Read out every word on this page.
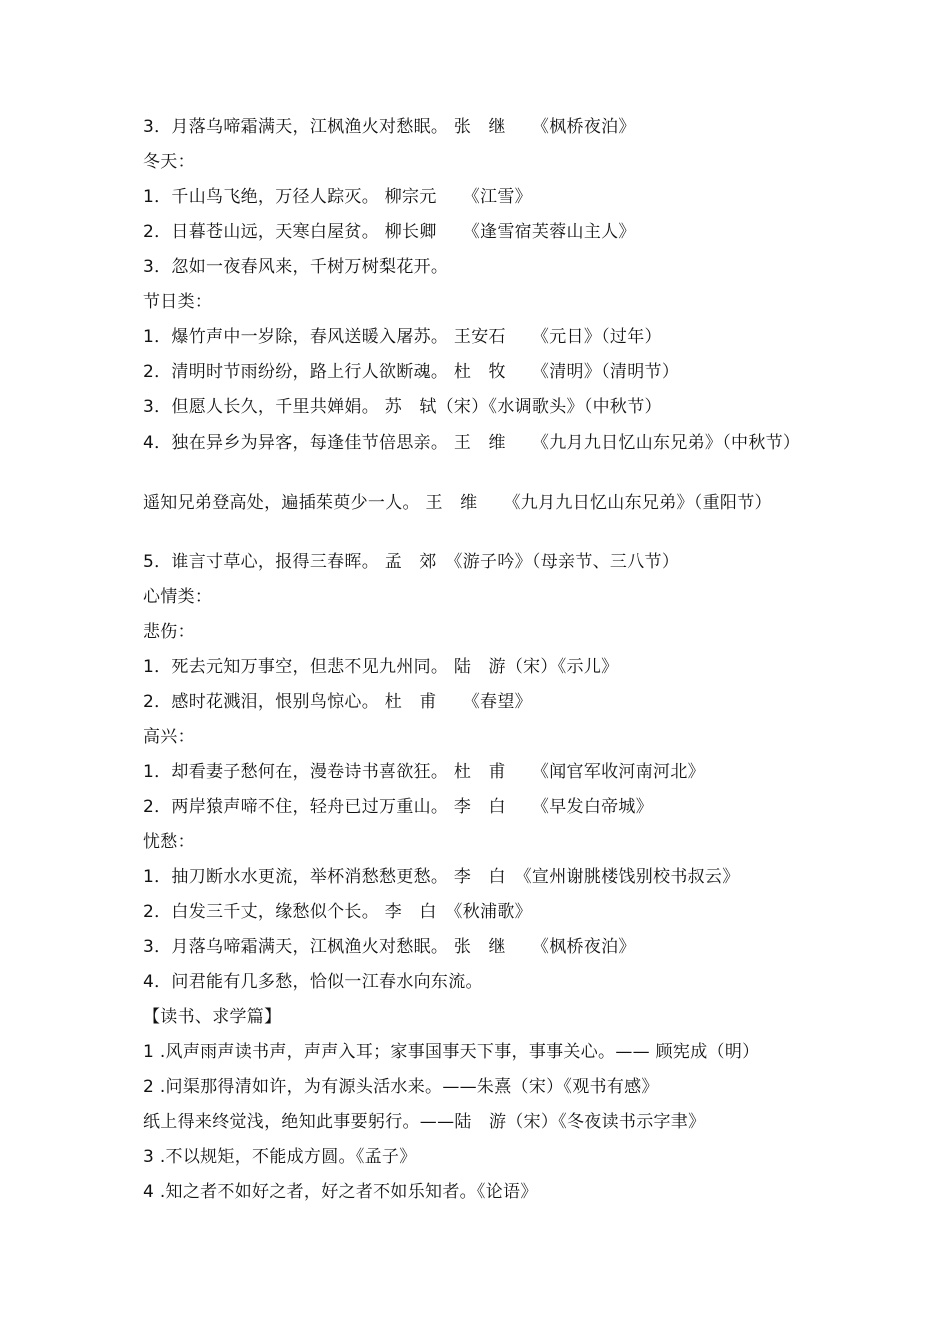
3．月落乌啼霜满天，江枫渔火对愁眠。 张　继　　《枫桥夜泊》
冬天：
1．千山鸟飞绝，万径人踪灭。 柳宗元　　《江雪》
2．日暮苍山远，天寒白屋贫。 柳长卿　　《逢雪宿芙蓉山主人》
3．忽如一夜春风来，千树万树梨花开。
节日类：
1．爆竹声中一岁除，春风送暖入屠苏。 王安石　　《元日》（过年）
2．清明时节雨纷纷，路上行人欲断魂。 杜　牧　　《清明》（清明节）
3．但愿人长久，千里共婵娟。 苏　轼（宋）《水调歌头》（中秋节）
4．独在异乡为异客，每逢佳节倍思亲。 王　维　　《九月九日忆山东兄弟》（中秋节）
遥知兄弟登高处，遍插茱萸少一人。 王　维　　《九月九日忆山东兄弟》（重阳节）
5．谁言寸草心，报得三春晖。 孟　郊　《游子吟》（母亲节、三八节）
心情类：
悲伤：
1．死去元知万事空，但悲不见九州同。 陆　游（宋）《示儿》
2．感时花溅泪，恨别鸟惊心。 杜　甫　　《春望》
高兴：
1．却看妻子愁何在，漫卷诗书喜欲狂。 杜　甫　　《闻官军收河南河北》
2．两岸猿声啼不住，轻舟已过万重山。 李　白　　《早发白帝城》
忧愁：
1．抽刀断水水更流，举杯消愁愁更愁。 李　白　《宣州谢朓楼饯别校书叔云》
2．白发三千丈，缘愁似个长。 李　白　《秋浦歌》
3．月落乌啼霜满天，江枫渔火对愁眠。 张　继　　《枫桥夜泊》
4．问君能有几多愁，恰似一江春水向东流。
【读书、求学篇】
1 .风声雨声读书声，声声入耳；家事国事天下事，事事关心。—— 顾宪成（明）
2 .问渠那得清如许，为有源头活水来。——朱熹（宋）《观书有感》
纸上得来终觉浅，绝知此事要躬行。——陆　游（宋）《冬夜读书示字聿》
3 .不以规矩，不能成方圆。《孟子》
4 .知之者不如好之者，好之者不如乐知者。《论语》
